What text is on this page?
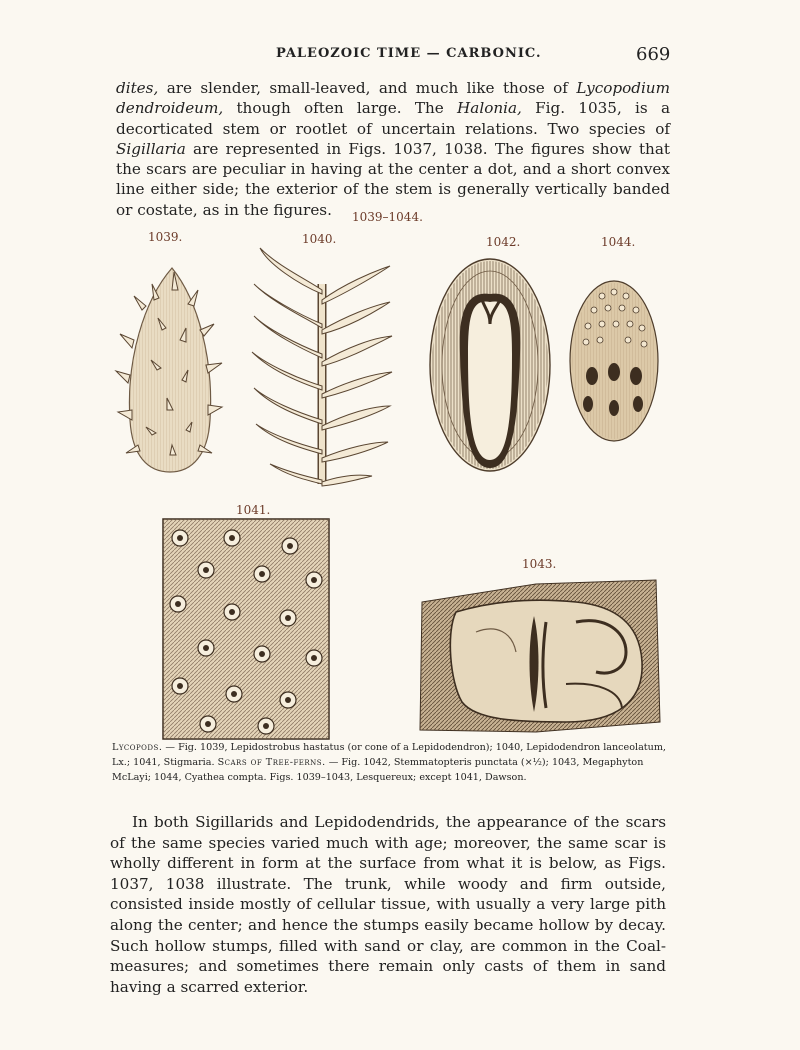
PALEOZOIC TIME — CARBONIC.	669
dites, are slender, small-leaved, and much like those of Lycopodium dendroideum, though often large. The Halonia, Fig. 1035, is a decorticated stem or rootlet of uncertain relations. Two species of Sigillaria are represented in Figs. 1037, 1038. The figures show that the scars are peculiar in having at the center a dot, and a short convex line either side; the exterior of the stem is generally vertically banded or costate, as in the figures.	1039–1044.
1039.	1040.	1042.	1044.
1041.
1043.
Lycopods. — Fig. 1039, Lepidostrobus hastatus (or cone of a Lepidodendron); 1040, Lepidodendron lanceolatum, Lx.; 1041, Stigmaria. Scars of Tree-ferns. — Fig. 1042, Stemmatopteris punctata (×½); 1043, Megaphyton McLayi; 1044, Cyathea compta. Figs. 1039–1043, Lesquereux; except 1041, Dawson.
In both Sigillarids and Lepidodendrids, the appearance of the scars of the same species varied much with age; moreover, the same scar is wholly different in form at the surface from what it is below, as Figs. 1037, 1038 illustrate. The trunk, while woody and firm outside, consisted inside mostly of cellular tissue, with usually a very large pith along the center; and hence the stumps easily became hollow by decay. Such hollow stumps, filled with sand or clay, are common in the Coal-measures; and sometimes there remain only casts of them in sand having a scarred exterior.
